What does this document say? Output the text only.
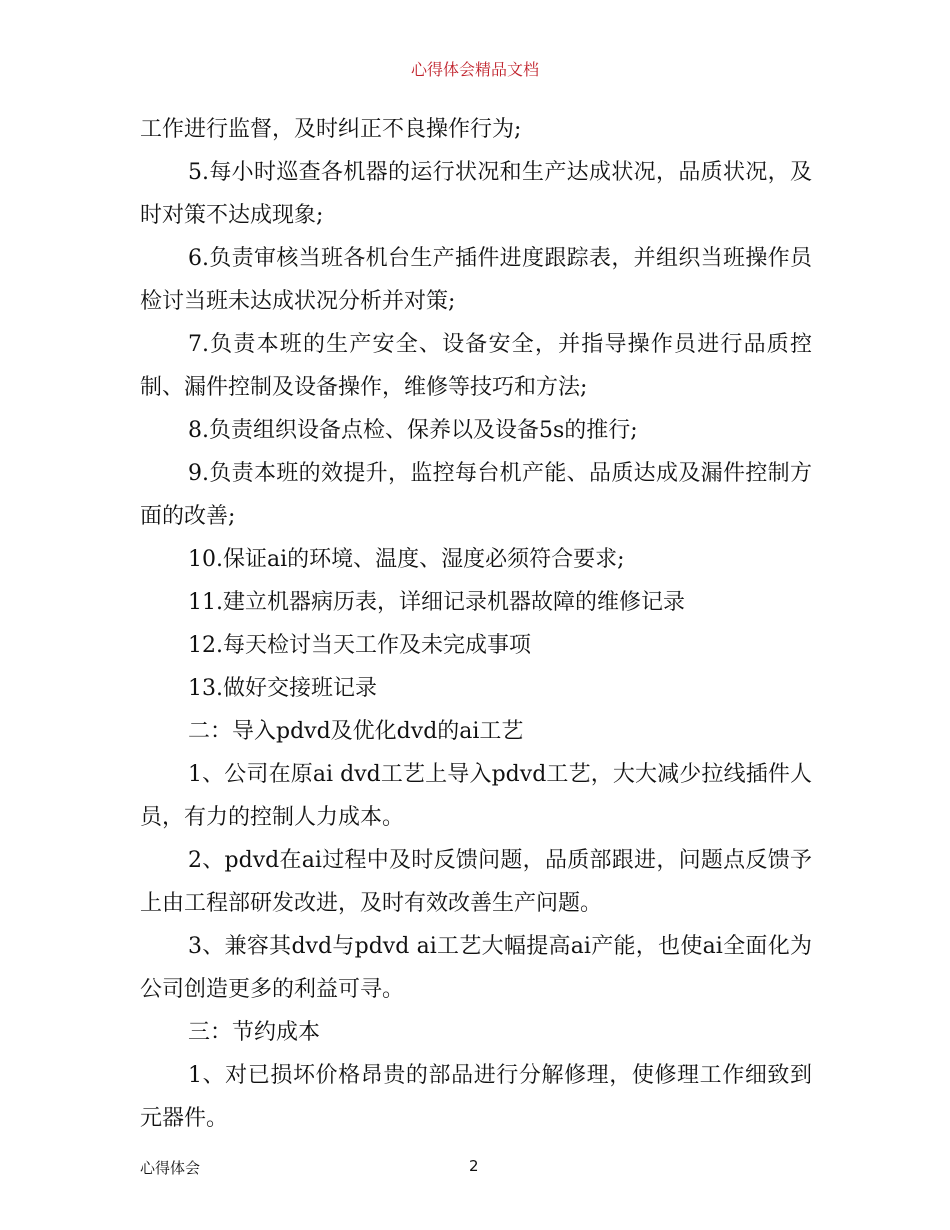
心得体会精品文档

工作进行监督，及时纠正不良操作行为;

5.每小时巡查各机器的运行状况和生产达成状况，品质状况，及时对策不达成现象;

6.负责审核当班各机台生产插件进度跟踪表，并组织当班操作员检讨当班未达成状况分析并对策;

7.负责本班的生产安全、设备安全，并指导操作员进行品质控制、漏件控制及设备操作，维修等技巧和方法;

8.负责组织设备点检、保养以及设备5s的推行;

9.负责本班的效提升，监控每台机产能、品质达成及漏件控制方面的改善;

10.保证ai的环境、温度、湿度必须符合要求;

11.建立机器病历表，详细记录机器故障的维修记录

12.每天检讨当天工作及未完成事项

13.做好交接班记录

二：导入pdvd及优化dvd的ai工艺

1、公司在原ai dvd工艺上导入pdvd工艺，大大减少拉线插件人员，有力的控制人力成本。

2、pdvd在ai过程中及时反馈问题，品质部跟进，问题点反馈予上由工程部研发改进，及时有效改善生产问题。

3、兼容其dvd与pdvd ai工艺大幅提高ai产能，也使ai全面化为公司创造更多的利益可寻。

三：节约成本

1、对已损坏价格昂贵的部品进行分解修理，使修理工作细致到元器件。

心得体会	2
